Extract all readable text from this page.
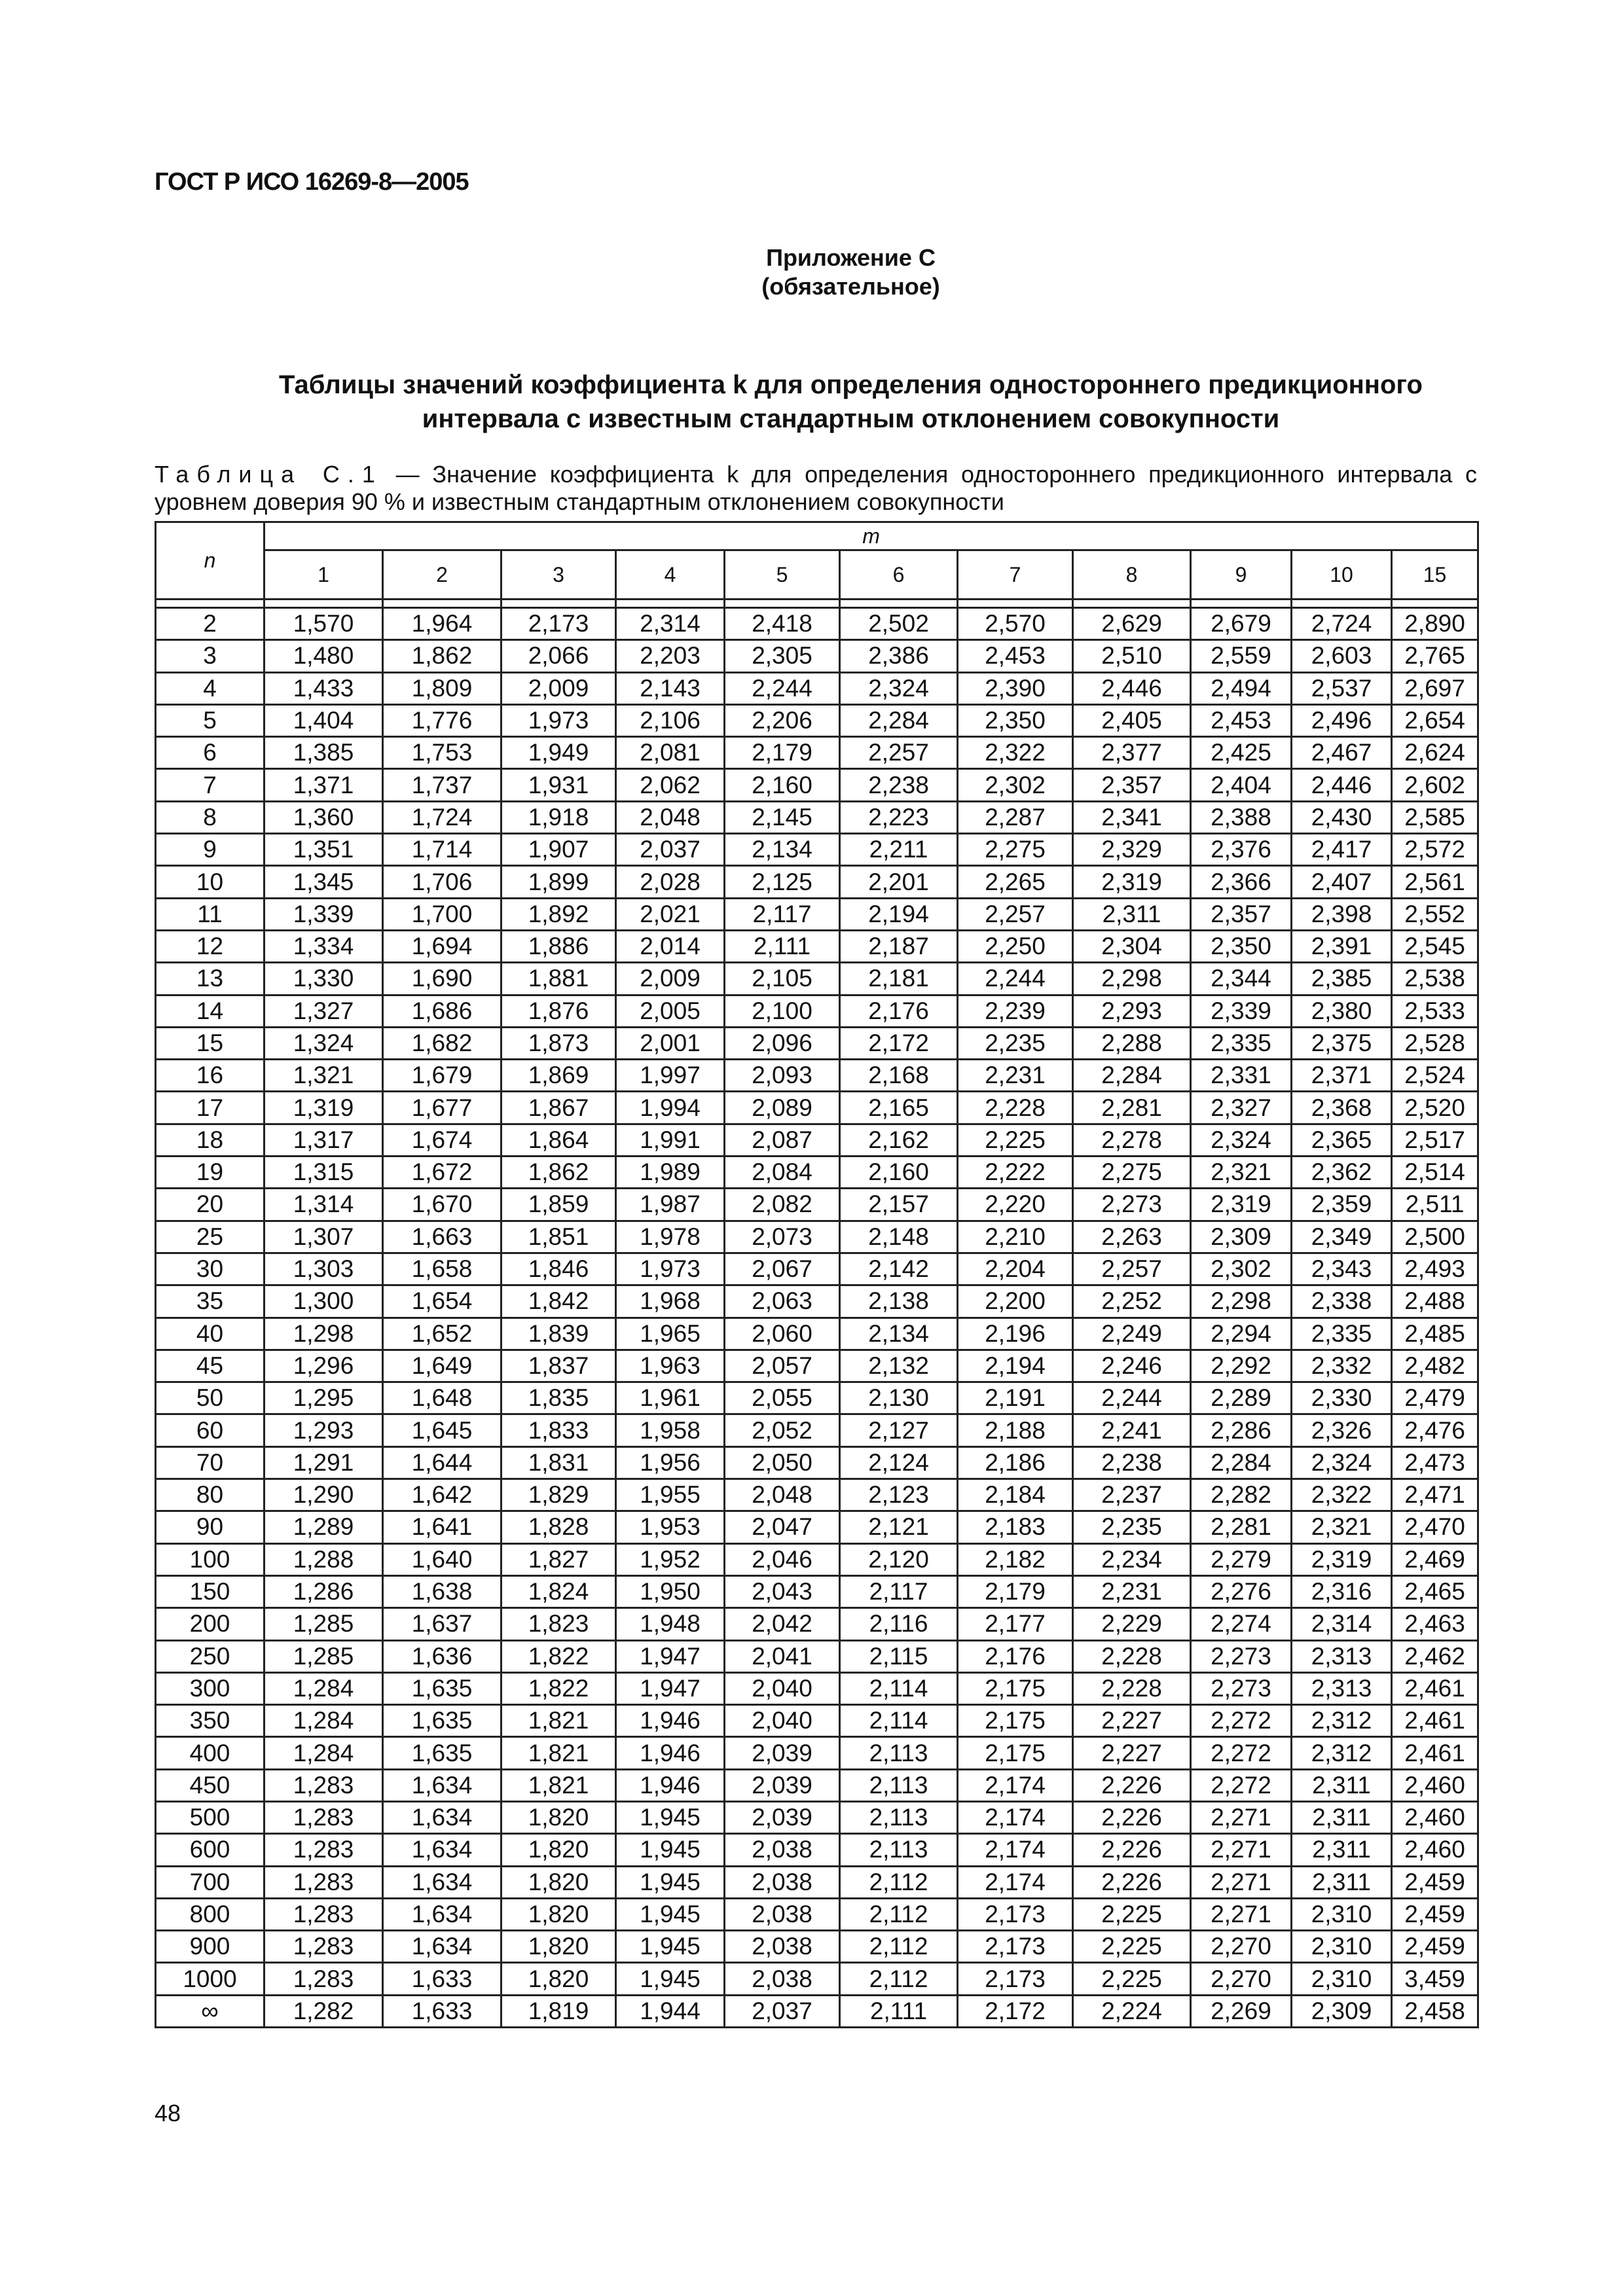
ГОСТ Р ИСО 16269-8—2005
Приложение С
(обязательное)
Таблицы значений коэффициента k для определения одностороннего предикционного
интервала с известным стандартным отклонением совокупности
Таблица С.1 — Значение коэффициента k для определения одностороннего предикционного интервала с уровнем доверия 90 % и известным стандартным отклонением совокупности
n	m										
	1	2	3	4	5	6	7	8	9	10	15

2	1,570	1,964	2,173	2,314	2,418	2,502	2,570	2,629	2,679	2,724	2,890
3	1,480	1,862	2,066	2,203	2,305	2,386	2,453	2,510	2,559	2,603	2,765
4	1,433	1,809	2,009	2,143	2,244	2,324	2,390	2,446	2,494	2,537	2,697
5	1,404	1,776	1,973	2,106	2,206	2,284	2,350	2,405	2,453	2,496	2,654
6	1,385	1,753	1,949	2,081	2,179	2,257	2,322	2,377	2,425	2,467	2,624
7	1,371	1,737	1,931	2,062	2,160	2,238	2,302	2,357	2,404	2,446	2,602
8	1,360	1,724	1,918	2,048	2,145	2,223	2,287	2,341	2,388	2,430	2,585
9	1,351	1,714	1,907	2,037	2,134	2,211	2,275	2,329	2,376	2,417	2,572
10	1,345	1,706	1,899	2,028	2,125	2,201	2,265	2,319	2,366	2,407	2,561
11	1,339	1,700	1,892	2,021	2,117	2,194	2,257	2,311	2,357	2,398	2,552
12	1,334	1,694	1,886	2,014	2,111	2,187	2,250	2,304	2,350	2,391	2,545
13	1,330	1,690	1,881	2,009	2,105	2,181	2,244	2,298	2,344	2,385	2,538
14	1,327	1,686	1,876	2,005	2,100	2,176	2,239	2,293	2,339	2,380	2,533
15	1,324	1,682	1,873	2,001	2,096	2,172	2,235	2,288	2,335	2,375	2,528
16	1,321	1,679	1,869	1,997	2,093	2,168	2,231	2,284	2,331	2,371	2,524
17	1,319	1,677	1,867	1,994	2,089	2,165	2,228	2,281	2,327	2,368	2,520
18	1,317	1,674	1,864	1,991	2,087	2,162	2,225	2,278	2,324	2,365	2,517
19	1,315	1,672	1,862	1,989	2,084	2,160	2,222	2,275	2,321	2,362	2,514
20	1,314	1,670	1,859	1,987	2,082	2,157	2,220	2,273	2,319	2,359	2,511
25	1,307	1,663	1,851	1,978	2,073	2,148	2,210	2,263	2,309	2,349	2,500
30	1,303	1,658	1,846	1,973	2,067	2,142	2,204	2,257	2,302	2,343	2,493
35	1,300	1,654	1,842	1,968	2,063	2,138	2,200	2,252	2,298	2,338	2,488
40	1,298	1,652	1,839	1,965	2,060	2,134	2,196	2,249	2,294	2,335	2,485
45	1,296	1,649	1,837	1,963	2,057	2,132	2,194	2,246	2,292	2,332	2,482
50	1,295	1,648	1,835	1,961	2,055	2,130	2,191	2,244	2,289	2,330	2,479
60	1,293	1,645	1,833	1,958	2,052	2,127	2,188	2,241	2,286	2,326	2,476
70	1,291	1,644	1,831	1,956	2,050	2,124	2,186	2,238	2,284	2,324	2,473
80	1,290	1,642	1,829	1,955	2,048	2,123	2,184	2,237	2,282	2,322	2,471
90	1,289	1,641	1,828	1,953	2,047	2,121	2,183	2,235	2,281	2,321	2,470
100	1,288	1,640	1,827	1,952	2,046	2,120	2,182	2,234	2,279	2,319	2,469
150	1,286	1,638	1,824	1,950	2,043	2,117	2,179	2,231	2,276	2,316	2,465
200	1,285	1,637	1,823	1,948	2,042	2,116	2,177	2,229	2,274	2,314	2,463
250	1,285	1,636	1,822	1,947	2,041	2,115	2,176	2,228	2,273	2,313	2,462
300	1,284	1,635	1,822	1,947	2,040	2,114	2,175	2,228	2,273	2,313	2,461
350	1,284	1,635	1,821	1,946	2,040	2,114	2,175	2,227	2,272	2,312	2,461
400	1,284	1,635	1,821	1,946	2,039	2,113	2,175	2,227	2,272	2,312	2,461
450	1,283	1,634	1,821	1,946	2,039	2,113	2,174	2,226	2,272	2,311	2,460
500	1,283	1,634	1,820	1,945	2,039	2,113	2,174	2,226	2,271	2,311	2,460
600	1,283	1,634	1,820	1,945	2,038	2,113	2,174	2,226	2,271	2,311	2,460
700	1,283	1,634	1,820	1,945	2,038	2,112	2,174	2,226	2,271	2,311	2,459
800	1,283	1,634	1,820	1,945	2,038	2,112	2,173	2,225	2,271	2,310	2,459
900	1,283	1,634	1,820	1,945	2,038	2,112	2,173	2,225	2,270	2,310	2,459
1000	1,283	1,633	1,820	1,945	2,038	2,112	2,173	2,225	2,270	2,310	3,459
∞	1,282	1,633	1,819	1,944	2,037	2,111	2,172	2,224	2,269	2,309	2,458
48
